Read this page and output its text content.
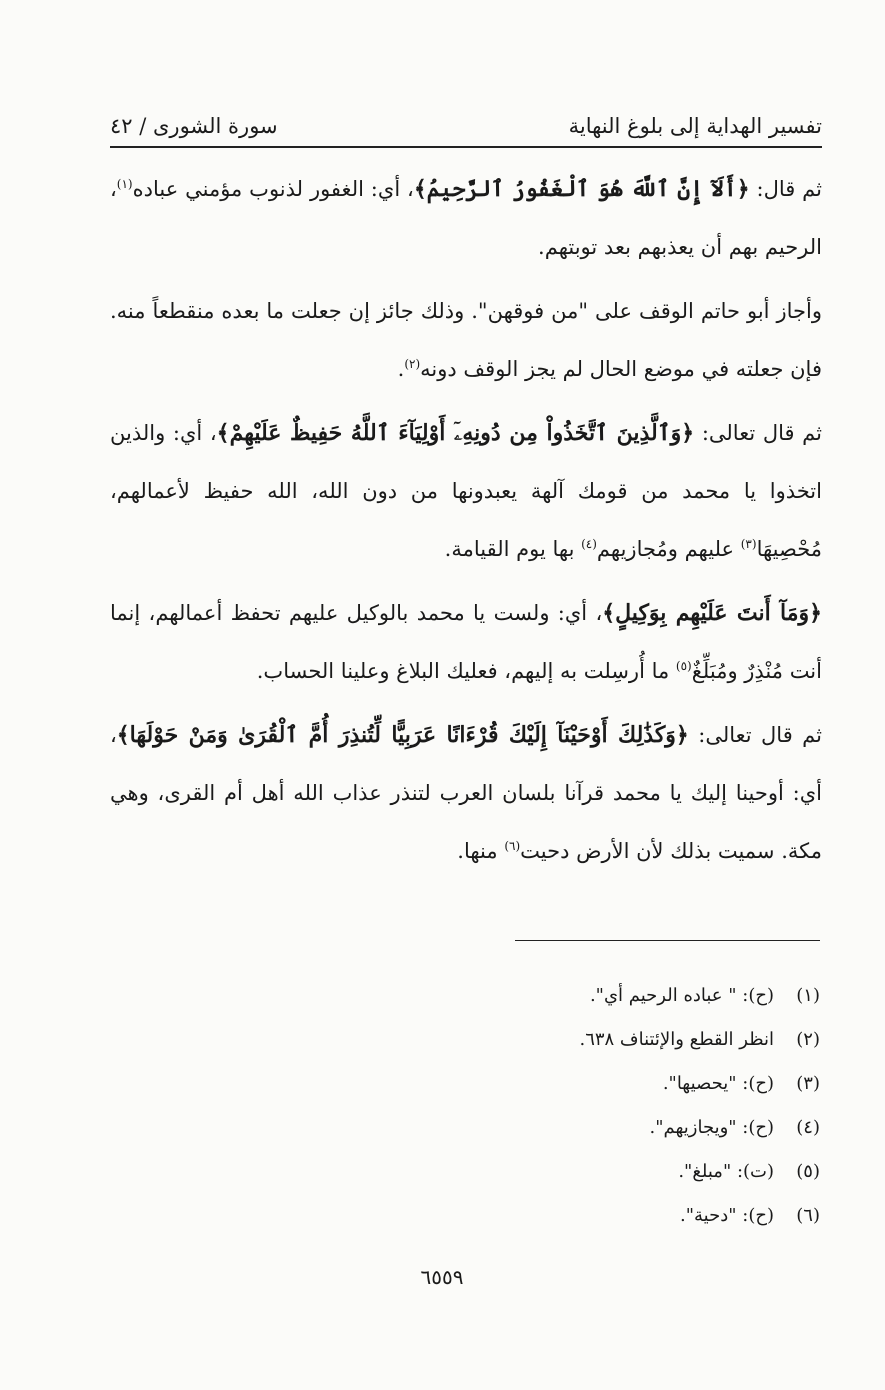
تفسير الهداية إلى بلوغ النهاية
سورة الشورى / ٤٢

ثم قال: ﴿أَلَآ إِنَّ ٱللَّهَ هُوَ ٱلْغَفُورُ ٱلرَّحِيمُ﴾، أي: الغفور لذنوب مؤمني عباده$^{(١)}$، الرحيم بهم أن يعذبهم بعد توبتهم.

وأجاز أبو حاتم الوقف على "من فوقهن". وذلك جائز إن جعلت ما بعده منقطعاً منه. فإن جعلته في موضع الحال لم يجز الوقف دونه$^{(٢)}$.

ثم قال تعالى: ﴿وَٱلَّذِينَ ٱتَّخَذُواْ مِن دُونِهِۦٓ أَوْلِيَآءَ ٱللَّهُ حَفِيظٌ عَلَيْهِمْ﴾، أي: والذين اتخذوا يا محمد من قومك آلهة يعبدونها من دون الله، الله حفيظ لأعمالهم، مُحْصِيهَا$^{(٣)}$ عليهم ومُجازيهم$^{(٤)}$ بها يوم القيامة.

﴿وَمَآ أَنتَ عَلَيْهِم بِوَكِيلٍ﴾، أي: ولست يا محمد بالوكيل عليهم تحفظ أعمالهم، إنما أنت مُنْذِرٌ ومُبَلِّغٌ$^{(٥)}$ ما أُرسِلت به إليهم، فعليك البلاغ وعلينا الحساب.

ثم قال تعالى: ﴿وَكَذَٰلِكَ أَوْحَيْنَآ إِلَيْكَ قُرْءَانًا عَرَبِيًّا لِّتُنذِرَ أُمَّ ٱلْقُرَىٰ وَمَنْ حَوْلَهَا﴾، أي: أوحينا إليك يا محمد قرآنا بلسان العرب لتنذر عذاب الله أهل أم القرى، وهي مكة. سميت بذلك لأن الأرض دحيت$^{(٦)}$ منها.

(١)
(ح): " عباده الرحيم أي".
(٢)
انظر القطع والإئتناف ٦٣٨.
(٣)
(ح): "يحصيها".
(٤)
(ح): "ويجازيهم".
(٥)
(ت): "مبلغ".
(٦)
(ح): "دحية".
٦٥٥٩
